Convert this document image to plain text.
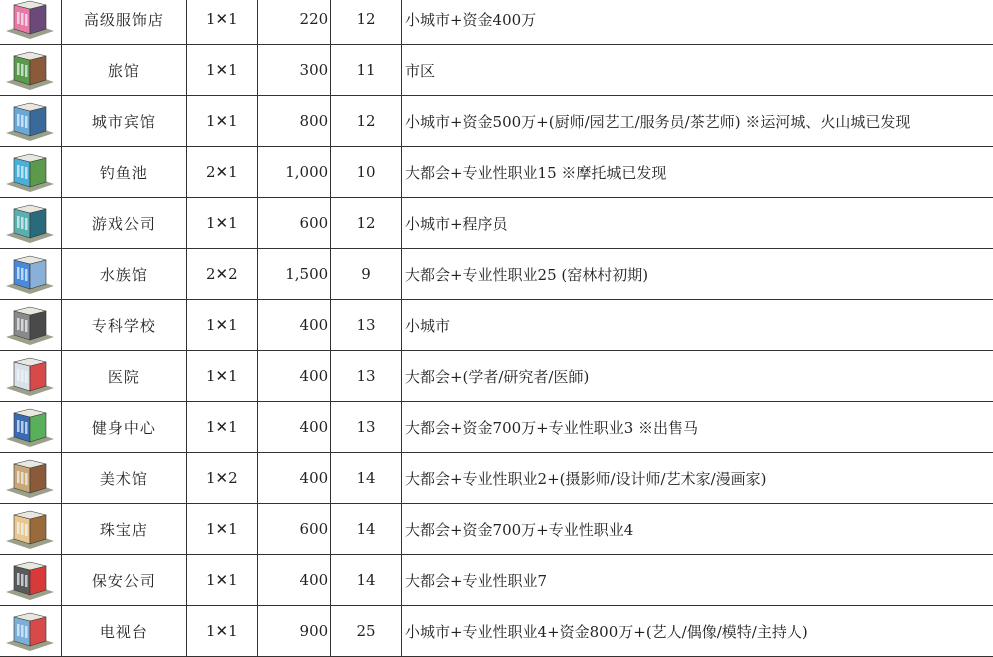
	高级服饰店	1✕1	220	12	小城市+资金400万

	旅馆	1✕1	300	11	市区

	城市宾馆	1✕1	800	12	小城市+资金500万+(厨师/园艺工/服务员/茶艺师) ※运河城、火山城已发现

	钓鱼池	2✕1	1,000	10	大都会+专业性职业15 ※摩托城已发现

	游戏公司	1✕1	600	12	小城市+程序员

	水族馆	2✕2	1,500	9	大都会+专业性职业25 (窑林村初期)

	专科学校	1✕1	400	13	小城市

	医院	1✕1	400	13	大都会+(学者/研究者/医師)

	健身中心	1✕1	400	13	大都会+资金700万+专业性职业3 ※出售马

	美术馆	1✕2	400	14	大都会+专业性职业2+(摄影师/设计师/艺术家/漫画家)

	珠宝店	1✕1	600	14	大都会+资金700万+专业性职业4

	保安公司	1✕1	400	14	大都会+专业性职业7

	电视台	1✕1	900	25	小城市+专业性职业4+资金800万+(艺人/偶像/模特/主持人)
